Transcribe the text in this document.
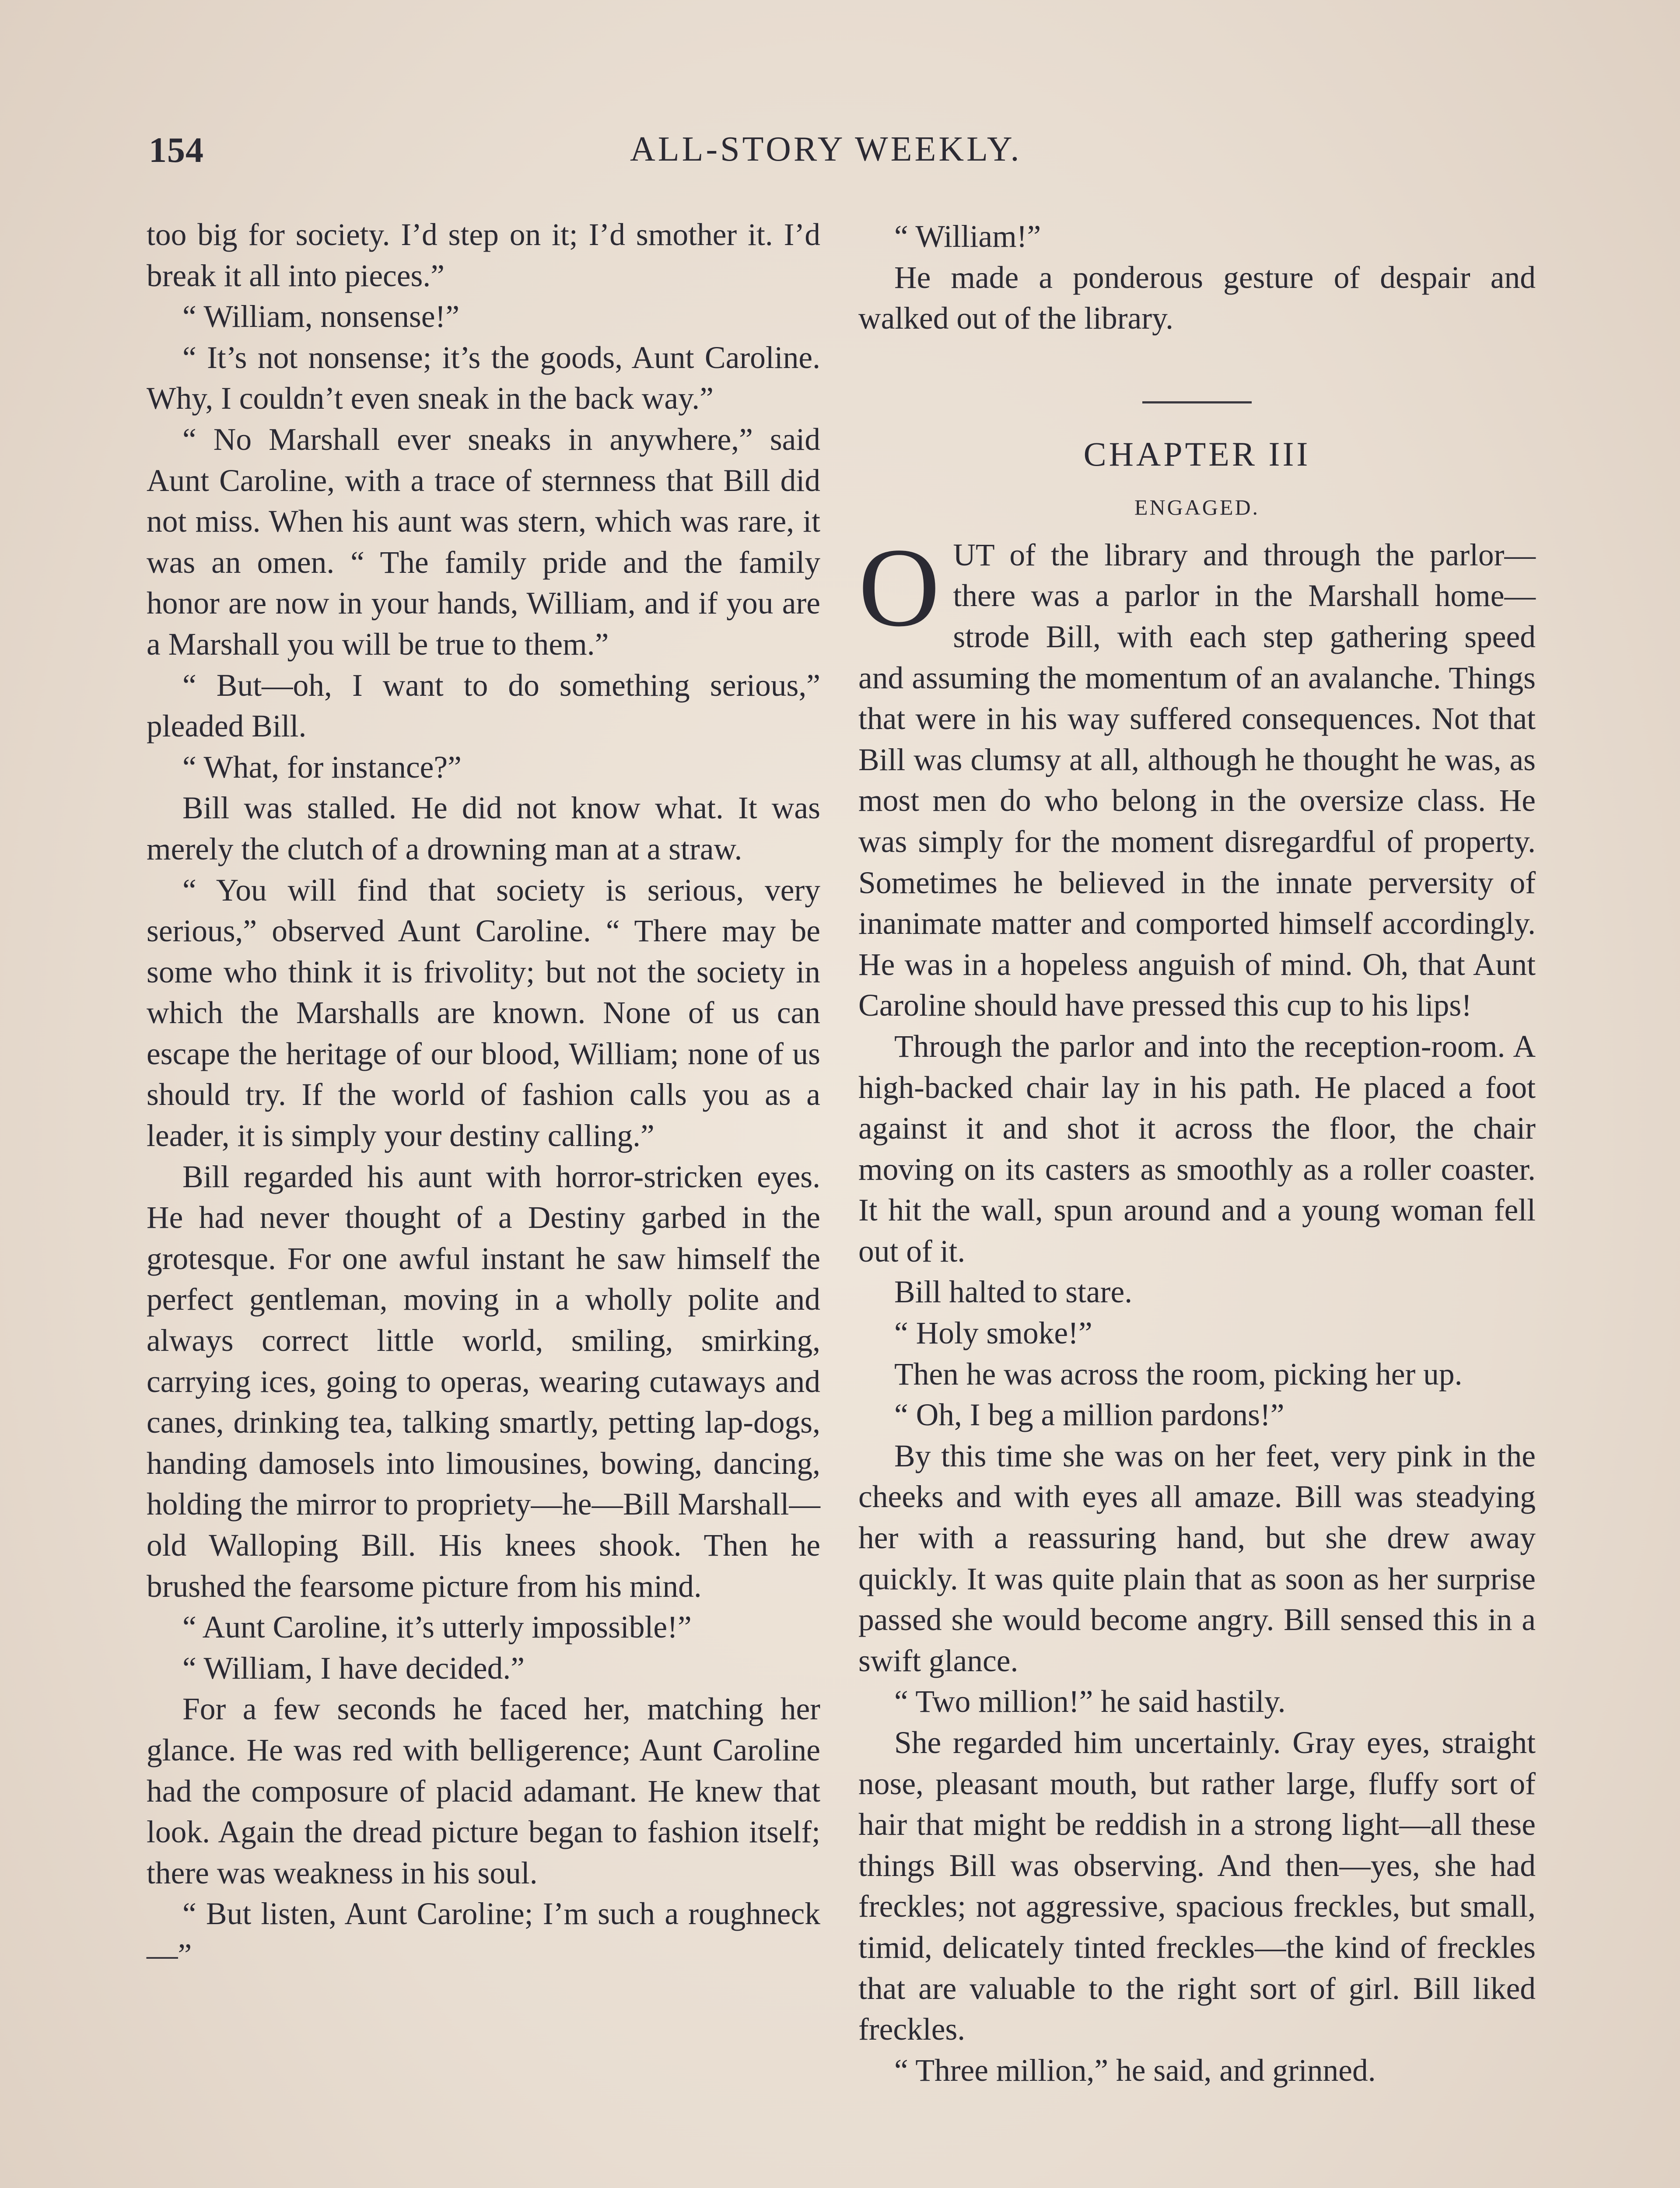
154	ALL-STORY WEEKLY.

too big for society. I’d step on it; I’d smother it. I’d break it all into pieces.”

“ William, nonsense!”

“ It’s not nonsense; it’s the goods, Aunt Caroline. Why, I couldn’t even sneak in the back way.”

“ No Marshall ever sneaks in anywhere,” said Aunt Caroline, with a trace of sternness that Bill did not miss. When his aunt was stern, which was rare, it was an omen. “ The family pride and the family honor are now in your hands, William, and if you are a Marshall you will be true to them.”

“ But—oh, I want to do something serious,” pleaded Bill.

“ What, for instance?”

Bill was stalled. He did not know what. It was merely the clutch of a drowning man at a straw.

“ You will find that society is serious, very serious,” observed Aunt Caroline. “ There may be some who think it is frivolity; but not the society in which the Marshalls are known. None of us can escape the heritage of our blood, William; none of us should try. If the world of fashion calls you as a leader, it is simply your destiny calling.”

Bill regarded his aunt with horror-stricken eyes. He had never thought of a Destiny garbed in the grotesque. For one awful instant he saw himself the perfect gentleman, moving in a wholly polite and always correct little world, smiling, smirking, carrying ices, going to operas, wearing cutaways and canes, drinking tea, talking smartly, petting lap-dogs, handing damosels into limousines, bowing, dancing, holding the mirror to propriety—he—Bill Marshall—old Walloping Bill. His knees shook. Then he brushed the fearsome picture from his mind.

“ Aunt Caroline, it’s utterly impossible!”

“ William, I have decided.”

For a few seconds he faced her, matching her glance. He was red with belligerence; Aunt Caroline had the composure of placid adamant. He knew that look. Again the dread picture began to fashion itself; there was weakness in his soul.

“ But listen, Aunt Caroline; I’m such a roughneck—”

“ William!”

He made a ponderous gesture of despair and walked out of the library.

CHAPTER III
ENGAGED.

OUT of the library and through the parlor—there was a parlor in the Marshall home—strode Bill, with each step gathering speed and assuming the momentum of an avalanche. Things that were in his way suffered consequences. Not that Bill was clumsy at all, although he thought he was, as most men do who belong in the oversize class. He was simply for the moment disregardful of property. Sometimes he believed in the innate perversity of inanimate matter and comported himself accordingly. He was in a hopeless anguish of mind. Oh, that Aunt Caroline should have pressed this cup to his lips!

Through the parlor and into the reception-room. A high-backed chair lay in his path. He placed a foot against it and shot it across the floor, the chair moving on its casters as smoothly as a roller coaster. It hit the wall, spun around and a young woman fell out of it.

Bill halted to stare.

“ Holy smoke!”

Then he was across the room, picking her up.

“ Oh, I beg a million pardons!”

By this time she was on her feet, very pink in the cheeks and with eyes all amaze. Bill was steadying her with a reassuring hand, but she drew away quickly. It was quite plain that as soon as her surprise passed she would become angry. Bill sensed this in a swift glance.

“ Two million!” he said hastily.

She regarded him uncertainly. Gray eyes, straight nose, pleasant mouth, but rather large, fluffy sort of hair that might be reddish in a strong light—all these things Bill was observing. And then—yes, she had freckles; not aggressive, spacious freckles, but small, timid, delicately tinted freckles—the kind of freckles that are valuable to the right sort of girl. Bill liked freckles.

“ Three million,” he said, and grinned.
